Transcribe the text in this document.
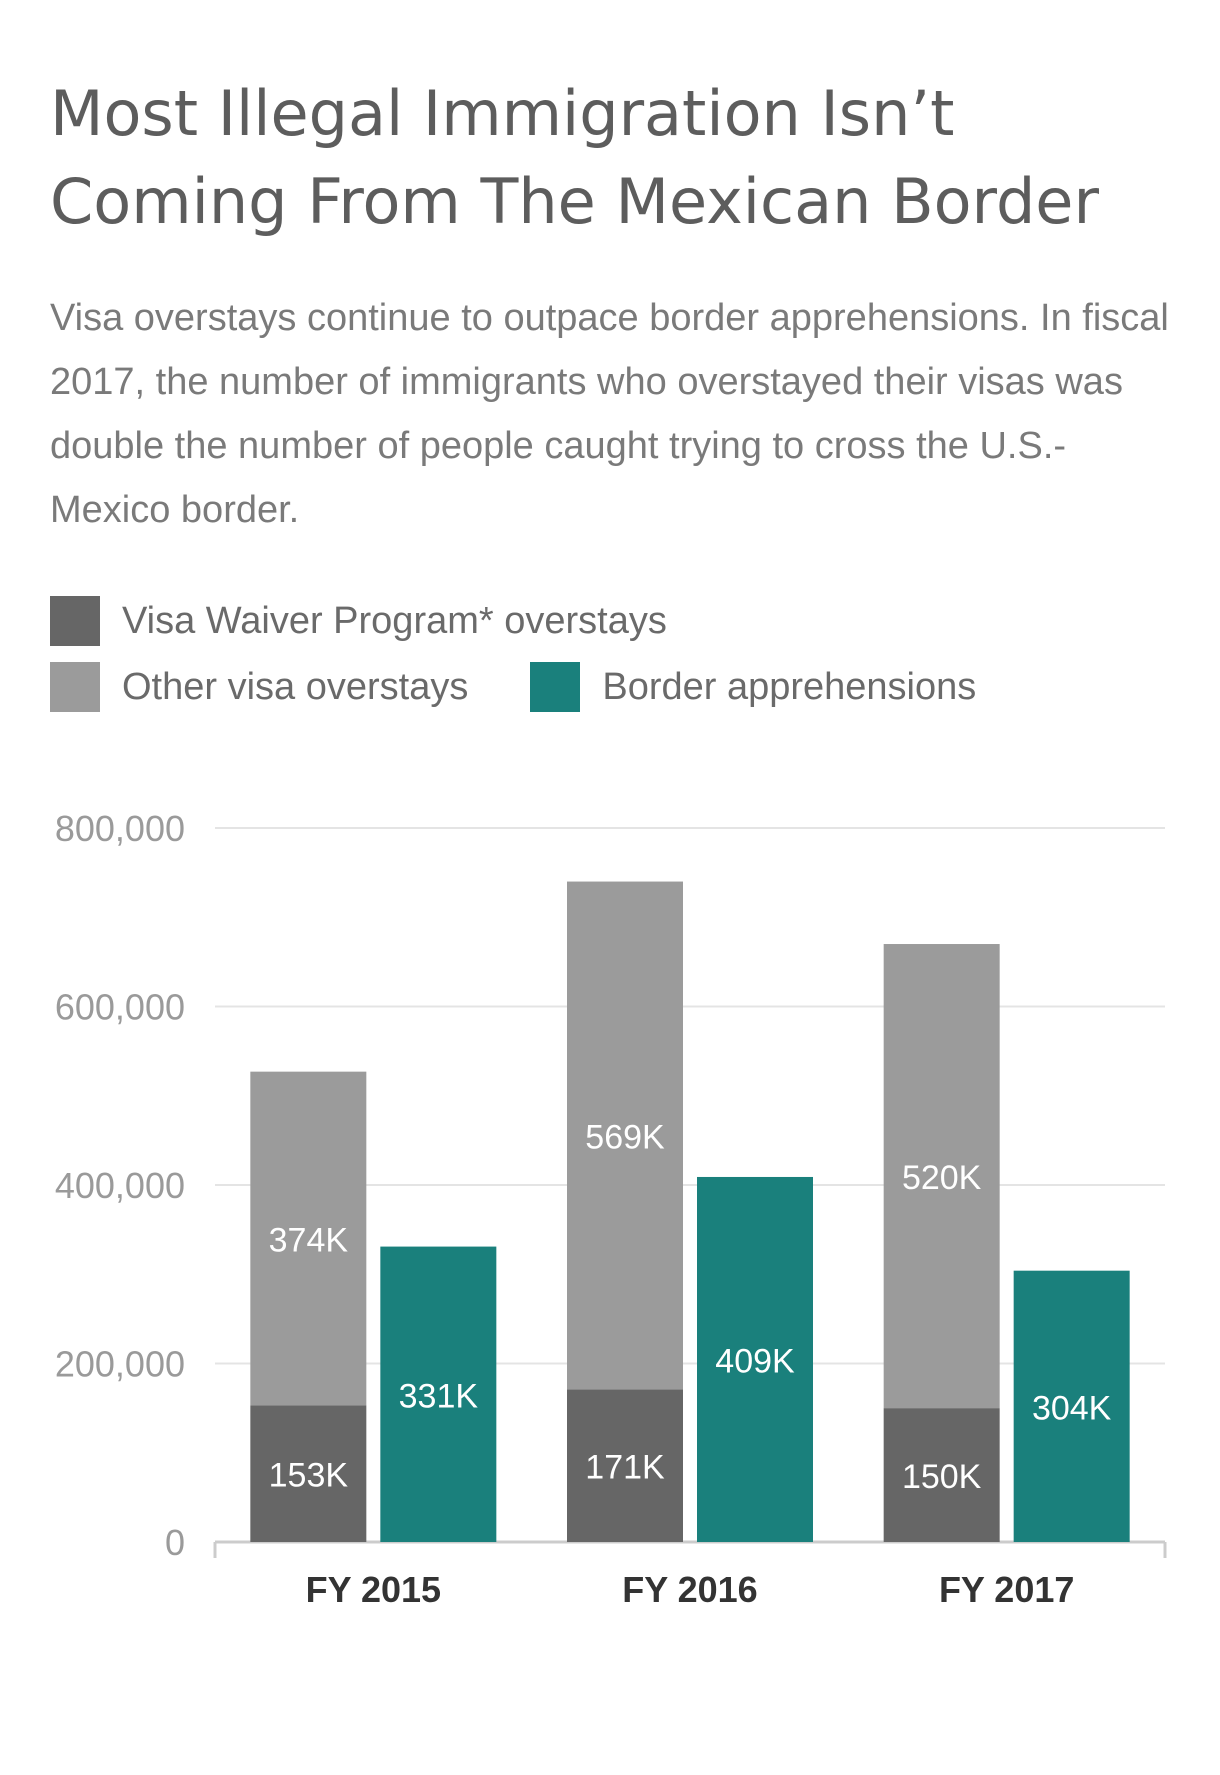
Most Illegal Immigration Isn’t Coming From The Mexican Border

Visa overstays continue to outpace border apprehensions. In fiscal 2017, the number of immigrants who overstayed their visas was double the number of people caught trying to cross the U.S.-Mexico border.

Visa Waiver Program* overstays
Other visa overstays	Border apprehensions
0
200,000
400,000
600,000
800,000
153K
374K
331K
FY 2015
171K
569K
409K
FY 2016
150K
520K
304K
FY 2017
